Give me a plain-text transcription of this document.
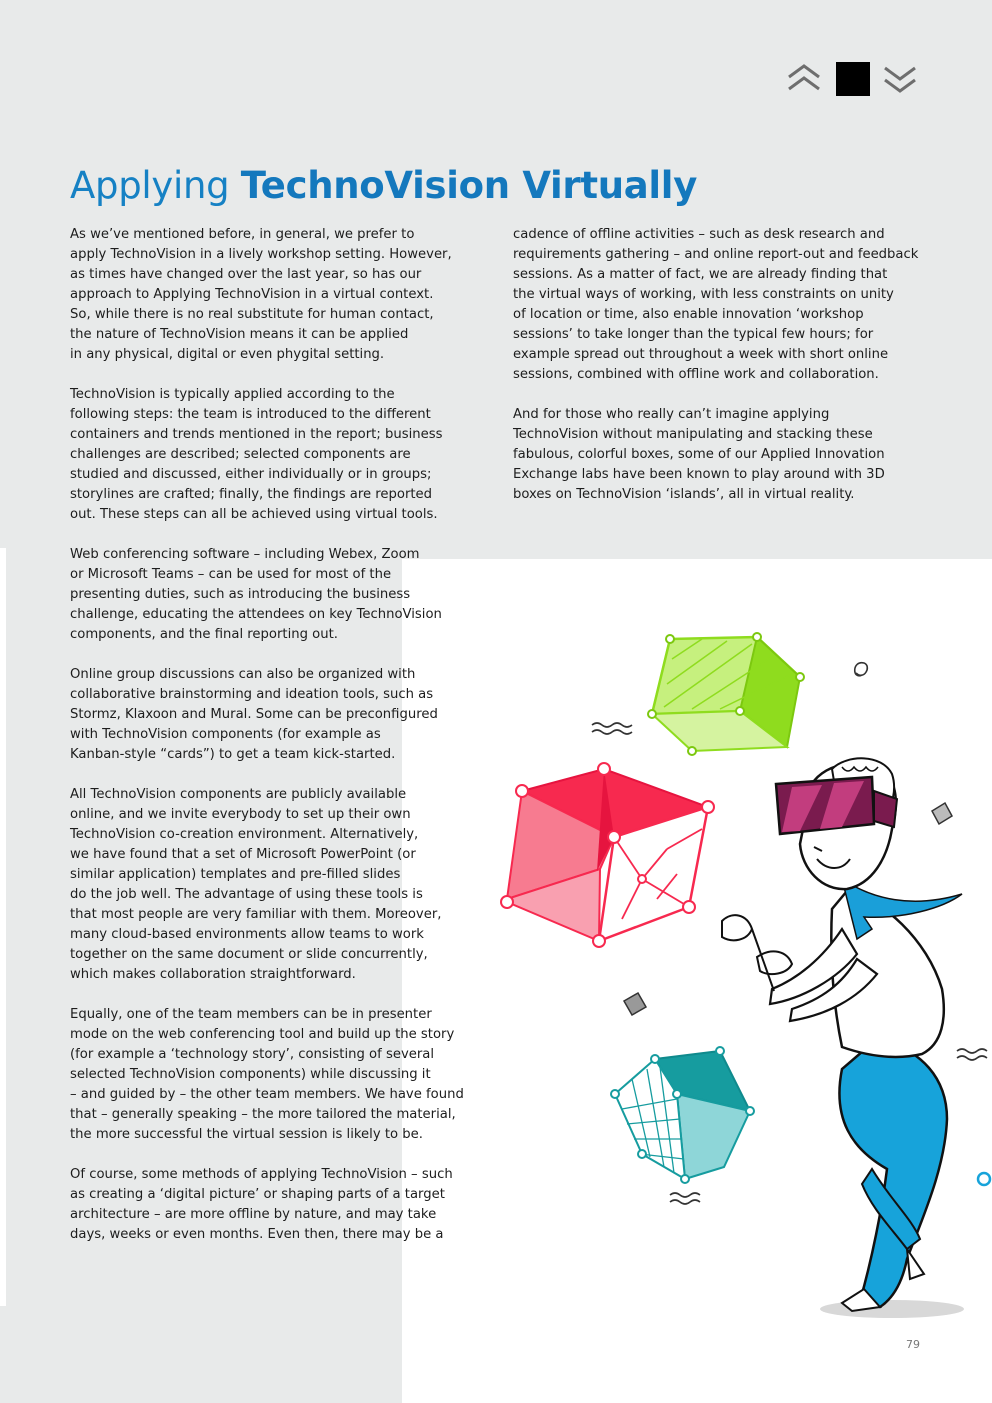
Applying TechnoVision Virtually

As we’ve mentioned before, in general, we prefer to
apply TechnoVision in a lively workshop setting. However,
as times have changed over the last year, so has our
approach to Applying TechnoVision in a virtual context.
So, while there is no real substitute for human contact,
the nature of TechnoVision means it can be applied
in any physical, digital or even phygital setting.

TechnoVision is typically applied according to the
following steps: the team is introduced to the different
containers and trends mentioned in the report; business
challenges are described; selected components are
studied and discussed, either individually or in groups;
storylines are crafted; finally, the findings are reported
out. These steps can all be achieved using virtual tools.

Web conferencing software – including Webex, Zoom
or Microsoft Teams – can be used for most of the
presenting duties, such as introducing the business
challenge, educating the attendees on key TechnoVision
components, and the final reporting out.

Online group discussions can also be organized with
collaborative brainstorming and ideation tools, such as
Stormz, Klaxoon and Mural. Some can be preconfigured
with TechnoVision components (for example as
Kanban-style “cards”) to get a team kick-started.

All TechnoVision components are publicly available
online, and we invite everybody to set up their own
TechnoVision co-creation environment. Alternatively,
we have found that a set of Microsoft PowerPoint (or
similar application) templates and pre-filled slides
do the job well. The advantage of using these tools is
that most people are very familiar with them. Moreover,
many cloud-based environments allow teams to work
together on the same document or slide concurrently,
which makes collaboration straightforward.

Equally, one of the team members can be in presenter
mode on the web conferencing tool and build up the story
(for example a ‘technology story’, consisting of several
selected TechnoVision components) while discussing it
– and guided by – the other team members. We have found
that – generally speaking – the more tailored the material,
the more successful the virtual session is likely to be.

Of course, some methods of applying TechnoVision – such
as creating a ‘digital picture’ or shaping parts of a target
architecture – are more offline by nature, and may take
days, weeks or even months. Even then, there may be a

cadence of offline activities – such as desk research and
requirements gathering – and online report-out and feedback
sessions. As a matter of fact, we are already finding that
the virtual ways of working, with less constraints on unity
of location or time, also enable innovation ‘workshop
sessions’ to take longer than the typical few hours; for
example spread out throughout a week with short online
sessions, combined with offline work and collaboration.

And for those who really can’t imagine applying
TechnoVision without manipulating and stacking these
fabulous, colorful boxes, some of our Applied Innovation
Exchange labs have been known to play around with 3D
boxes on TechnoVision ‘islands’, all in virtual reality.

79
